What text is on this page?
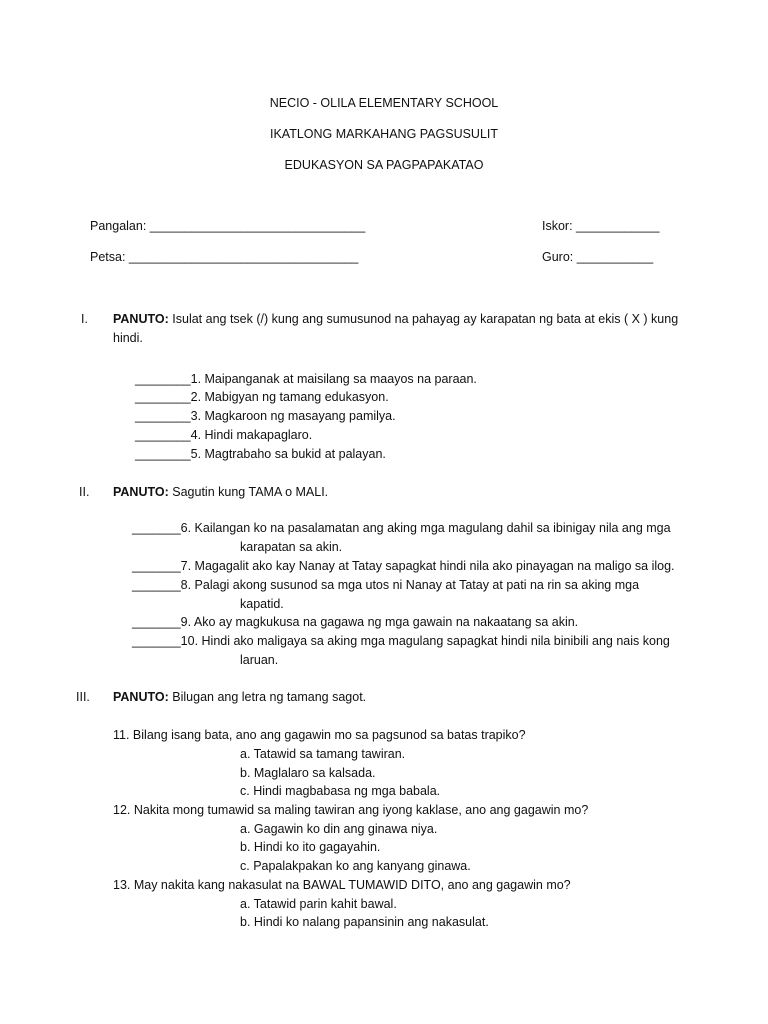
NECIO - OLILA ELEMENTARY SCHOOL
IKATLONG MARKAHANG PAGSUSULIT
EDUKASYON SA PAGPAPAKATAO
Pangalan: _______________________________	Iskor: ____________
Petsa: _________________________________	Guro: ___________
I. PANUTO: Isulat ang tsek (/) kung ang sumusunod na pahayag ay karapatan ng bata at ekis ( X ) kung
hindi.
________1. Maipanganak at maisilang sa maayos na paraan.
________2. Mabigyan ng tamang edukasyon.
________3. Magkaroon ng masayang pamilya.
________4. Hindi makapaglaro.
________5. Magtrabaho sa bukid at palayan.
II. PANUTO: Sagutin kung TAMA o MALI.
_______6. Kailangan ko na pasalamatan ang aking mga magulang dahil sa ibinigay nila ang mga
karapatan sa akin.
_______7. Magagalit ako kay Nanay at Tatay sapagkat hindi nila ako pinayagan na maligo sa ilog.
_______8. Palagi akong susunod sa mga utos ni Nanay at Tatay at pati na rin sa aking mga
kapatid.
_______9. Ako ay magkukusa na gagawa ng mga gawain na nakaatang sa akin.
_______10. Hindi ako maligaya sa aking mga magulang sapagkat hindi nila binibili ang nais kong
laruan.
III. PANUTO: Bilugan ang letra ng tamang sagot.
11. Bilang isang bata, ano ang gagawin mo sa pagsunod sa batas trapiko?
a. Tatawid sa tamang tawiran.
b. Maglalaro sa kalsada.
c. Hindi magbabasa ng mga babala.
12. Nakita mong tumawid sa maling tawiran ang iyong kaklase, ano ang gagawin mo?
a. Gagawin ko din ang ginawa niya.
b. Hindi ko ito gagayahin.
c. Papalakpakan ko ang kanyang ginawa.
13. May nakita kang nakasulat na BAWAL TUMAWID DITO, ano ang gagawin mo?
a. Tatawid parin kahit bawal.
b. Hindi ko nalang papansinin ang nakasulat.
